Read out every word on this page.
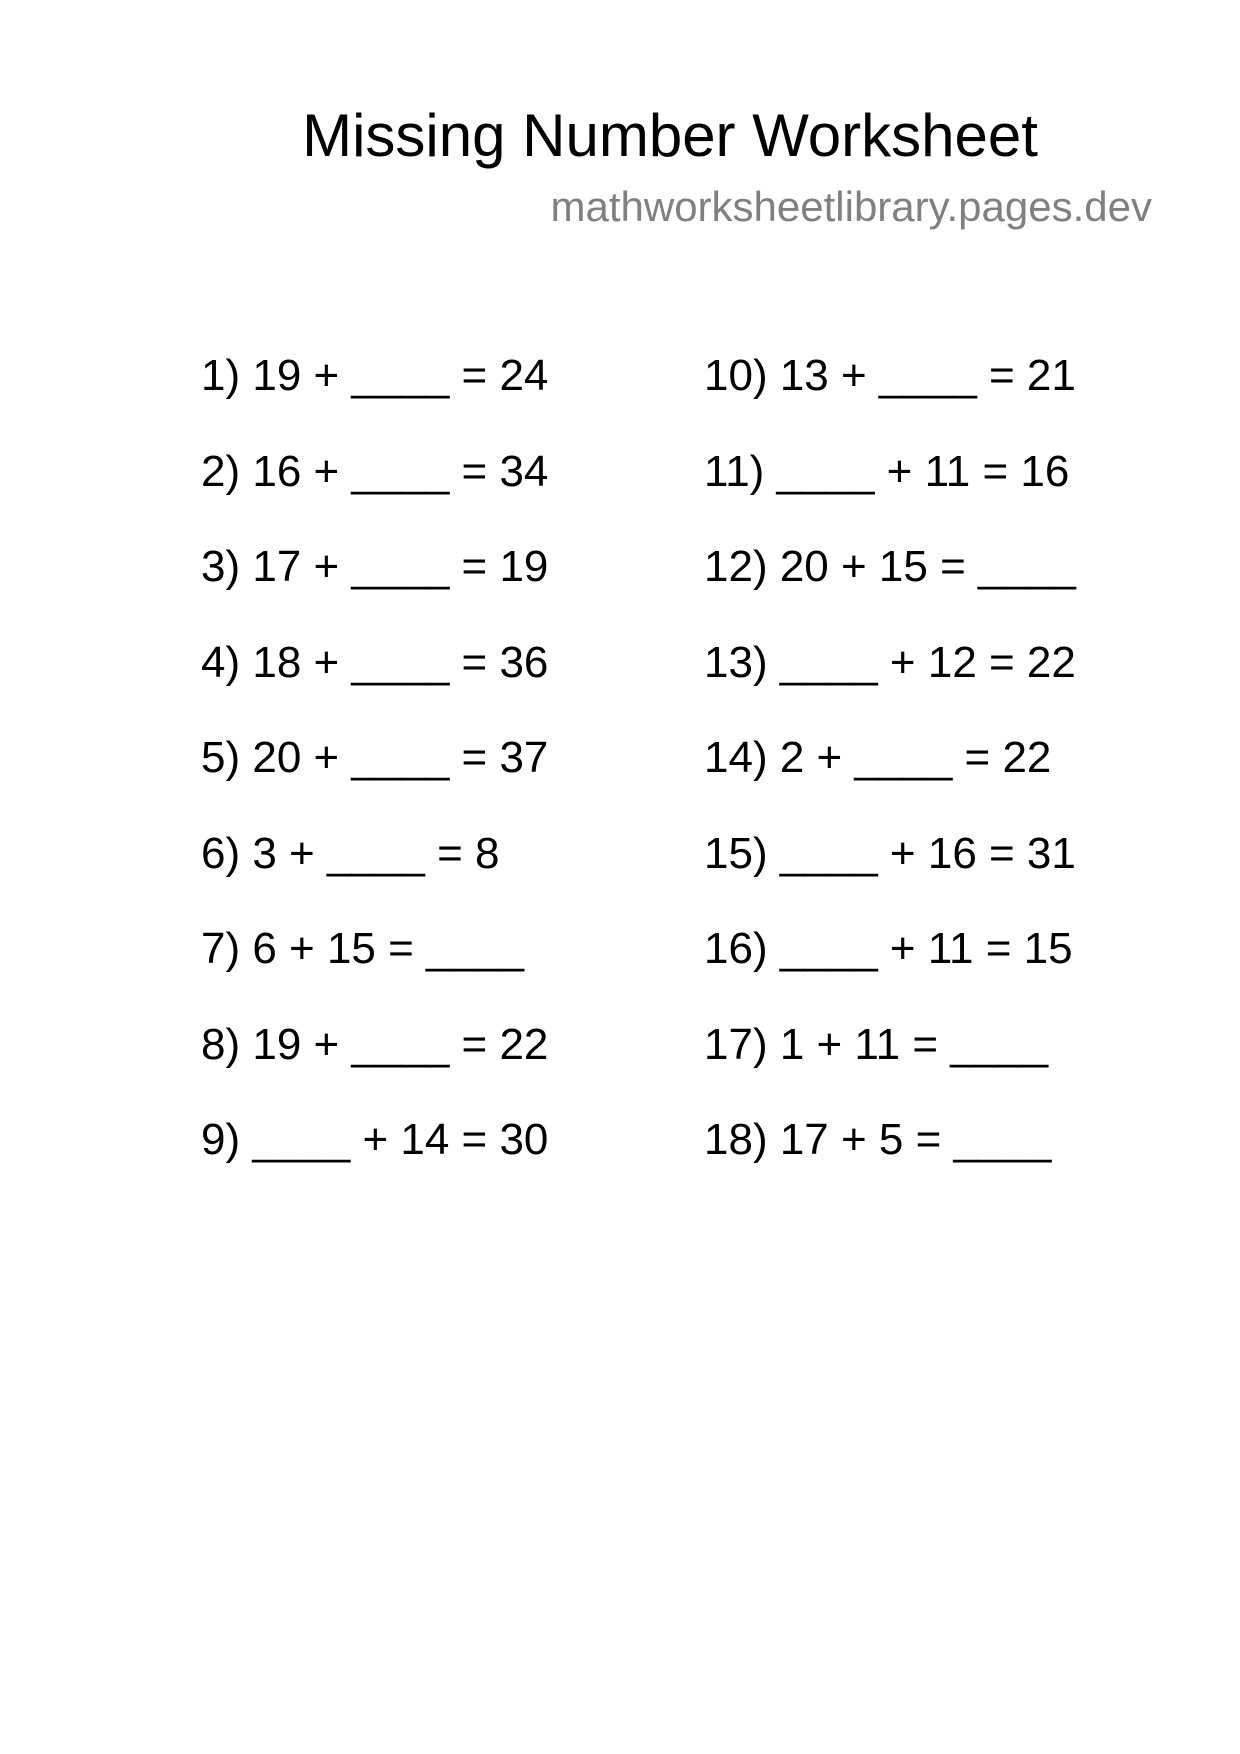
Missing Number Worksheet
mathworksheetlibrary.pages.dev
1) 19 + ____ = 24
2) 16 + ____ = 34
3) 17 + ____ = 19
4) 18 + ____ = 36
5) 20 + ____ = 37
6) 3 + ____ = 8
7) 6 + 15 = ____
8) 19 + ____ = 22
9) ____ + 14 = 30
10) 13 + ____ = 21
11) ____ + 11 = 16
12) 20 + 15 = ____
13) ____ + 12 = 22
14) 2 + ____ = 22
15) ____ + 16 = 31
16) ____ + 11 = 15
17) 1 + 11 = ____
18) 17 + 5 = ____
